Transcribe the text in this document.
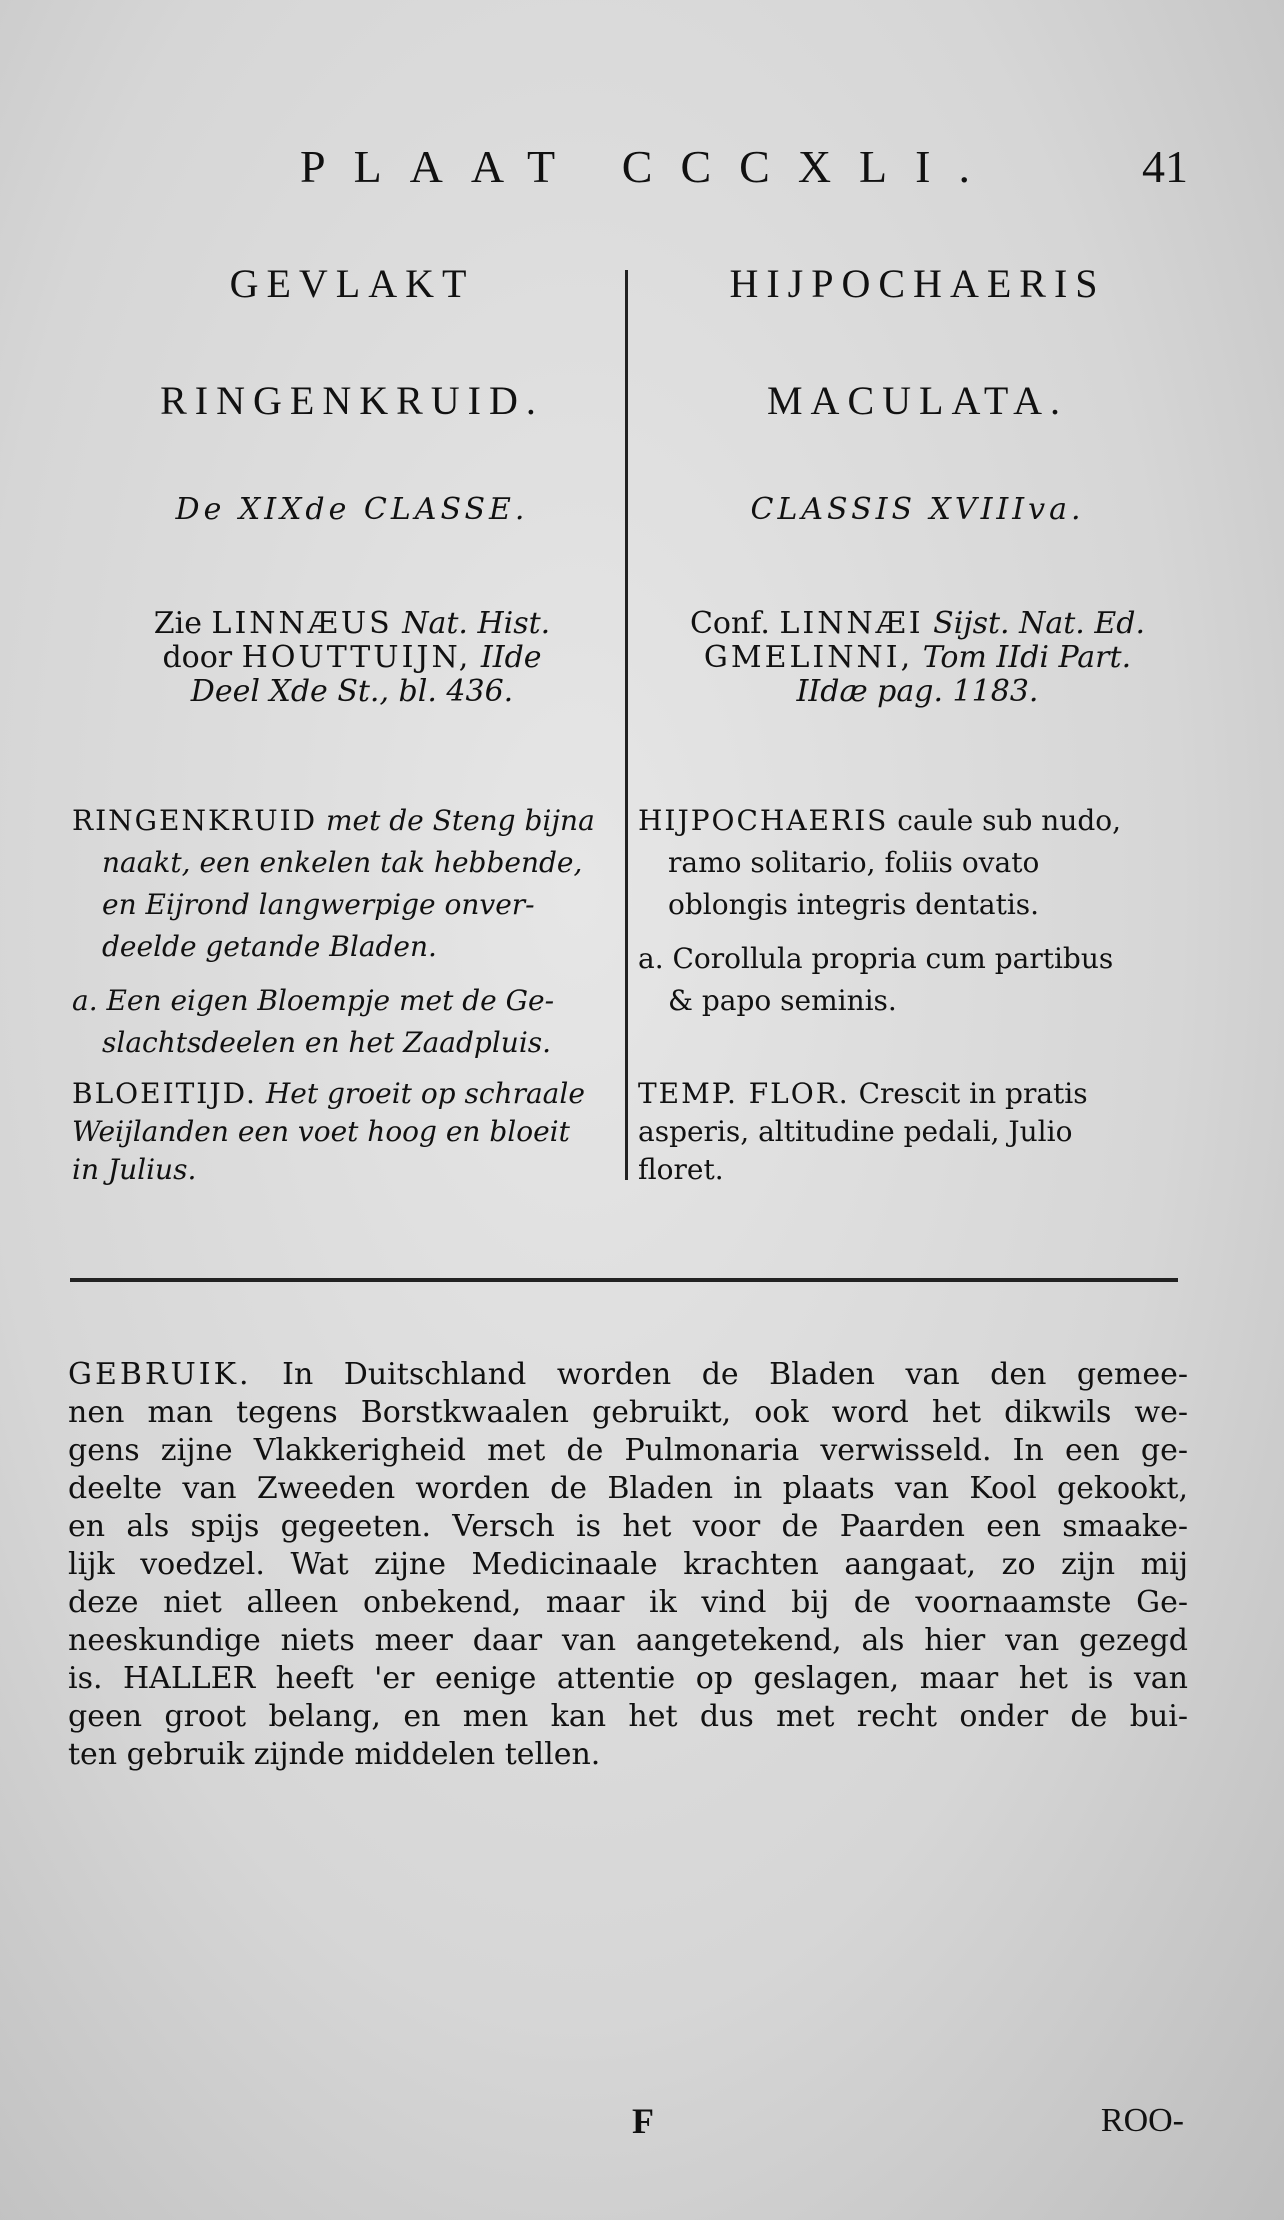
PLAAT CCCXLI.	41

GEVLAKT

RINGENKRUID.

De XIXde CLASSE.
Zie LINNÆUS Nat. Hist.
door HOUTTUIJN, IIde
Deel Xde St., bl. 436.

HIJPOCHAERIS

MACULATA.

CLASSIS XVIIIva.
Conf. LINNÆI Sijst. Nat. Ed.
GMELINNI, Tom IIdi Part.
IIdæ pag. 1183.

RINGENKRUID met de Steng bijna

naakt, een enkelen tak hebbende,

en Eijrond langwerpige onver-

deelde getande Bladen.

a. Een eigen Bloempje met de Ge-

slachtsdeelen en het Zaadpluis.

HIJPOCHAERIS caule sub nudo,

ramo solitario, foliis ovato

oblongis integris dentatis.

a. Corollula propria cum partibus

& papo seminis.

BLOEITIJD. Het groeit op schraale
Weijlanden een voet hoog en bloeit
in Julius.
TEMP. FLOR. Crescit in pratis
asperis, altitudine pedali, Julio
floret.
GEBRUIK. In Duitschland worden de Bladen van den gemee-
nen man tegens Borstkwaalen gebruikt, ook word het dikwils we-
gens zijne Vlakkerigheid met de Pulmonaria verwisseld. In een ge-
deelte van Zweeden worden de Bladen in plaats van Kool gekookt,
en als spijs gegeeten. Versch is het voor de Paarden een smaake-
lijk voedzel. Wat zijne Medicinaale krachten aangaat, zo zijn mij
deze niet alleen onbekend, maar ik vind bij de voornaamste Ge-
neeskundige niets meer daar van aangetekend, als hier van gezegd
is. HALLER heeft 'er eenige attentie op geslagen, maar het is van
geen groot belang, en men kan het dus met recht onder de bui-
ten gebruik zijnde middelen tellen.
F	ROO-
